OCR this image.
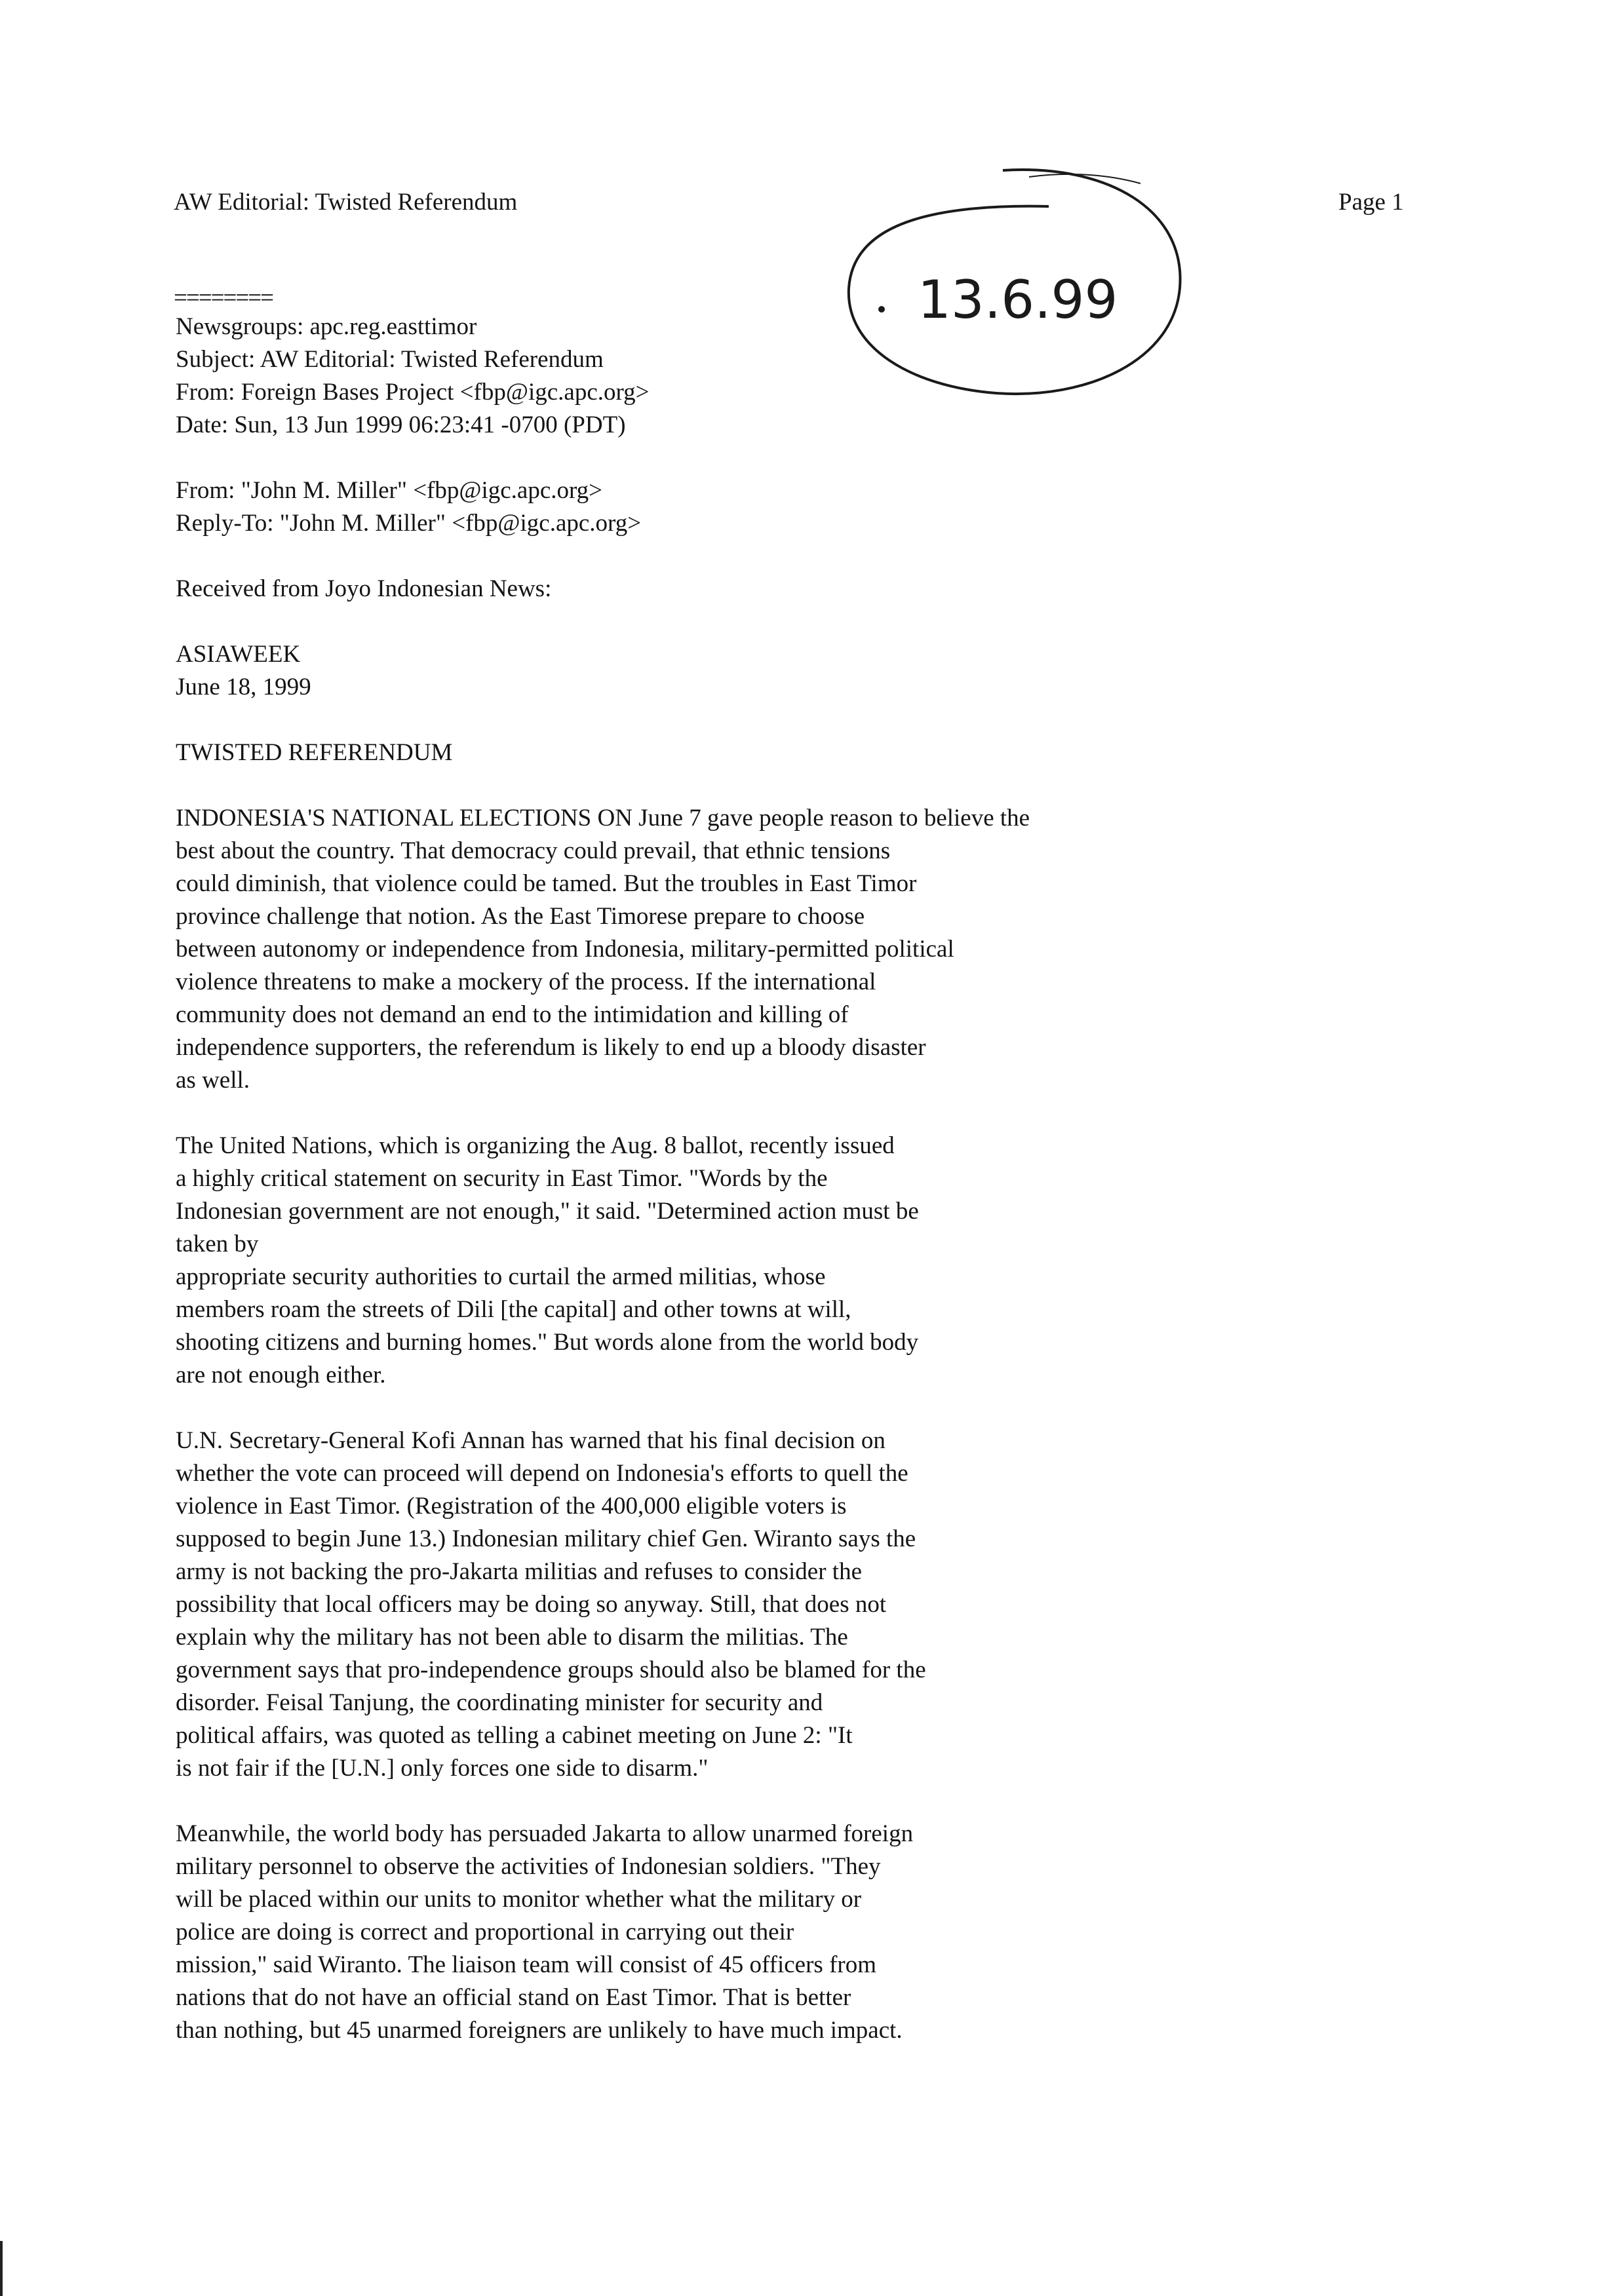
AW Editorial: Twisted Referendum	Page 1
13.6.99
========
Newsgroups: apc.reg.easttimor
Subject: AW Editorial: Twisted Referendum
From: Foreign Bases Project <fbp@igc.apc.org>
Date: Sun, 13 Jun 1999 06:23:41 -0700 (PDT)
From: "John M. Miller" <fbp@igc.apc.org>
Reply-To: "John M. Miller" <fbp@igc.apc.org>
Received from Joyo Indonesian News:
ASIAWEEK
June 18, 1999
TWISTED REFERENDUM
INDONESIA'S NATIONAL ELECTIONS ON June 7 gave people reason to believe the
best about the country. That democracy could prevail, that ethnic tensions
could diminish, that violence could be tamed. But the troubles in East Timor
province challenge that notion. As the East Timorese prepare to choose
between autonomy or independence from Indonesia, military-permitted political
violence threatens to make a mockery of the process. If the international
community does not demand an end to the intimidation and killing of
independence supporters, the referendum is likely to end up a bloody disaster
as well.
The United Nations, which is organizing the Aug. 8 ballot, recently issued
a highly critical statement on security in East Timor. "Words by the
Indonesian government are not enough," it said. "Determined action must be
taken by
appropriate security authorities to curtail the armed militias, whose
members roam the streets of Dili [the capital] and other towns at will,
shooting citizens and burning homes." But words alone from the world body
are not enough either.
U.N. Secretary-General Kofi Annan has warned that his final decision on
whether the vote can proceed will depend on Indonesia's efforts to quell the
violence in East Timor. (Registration of the 400,000 eligible voters is
supposed to begin June 13.) Indonesian military chief Gen. Wiranto says the
army is not backing the pro-Jakarta militias and refuses to consider the
possibility that local officers may be doing so anyway. Still, that does not
explain why the military has not been able to disarm the militias. The
government says that pro-independence groups should also be blamed for the
disorder. Feisal Tanjung, the coordinating minister for security and
political affairs, was quoted as telling a cabinet meeting on June 2: "It
is not fair if the [U.N.] only forces one side to disarm."
Meanwhile, the world body has persuaded Jakarta to allow unarmed foreign
military personnel to observe the activities of Indonesian soldiers. "They
will be placed within our units to monitor whether what the military or
police are doing is correct and proportional in carrying out their
mission," said Wiranto. The liaison team will consist of 45 officers from
nations that do not have an official stand on East Timor. That is better
than nothing, but 45 unarmed foreigners are unlikely to have much impact.
